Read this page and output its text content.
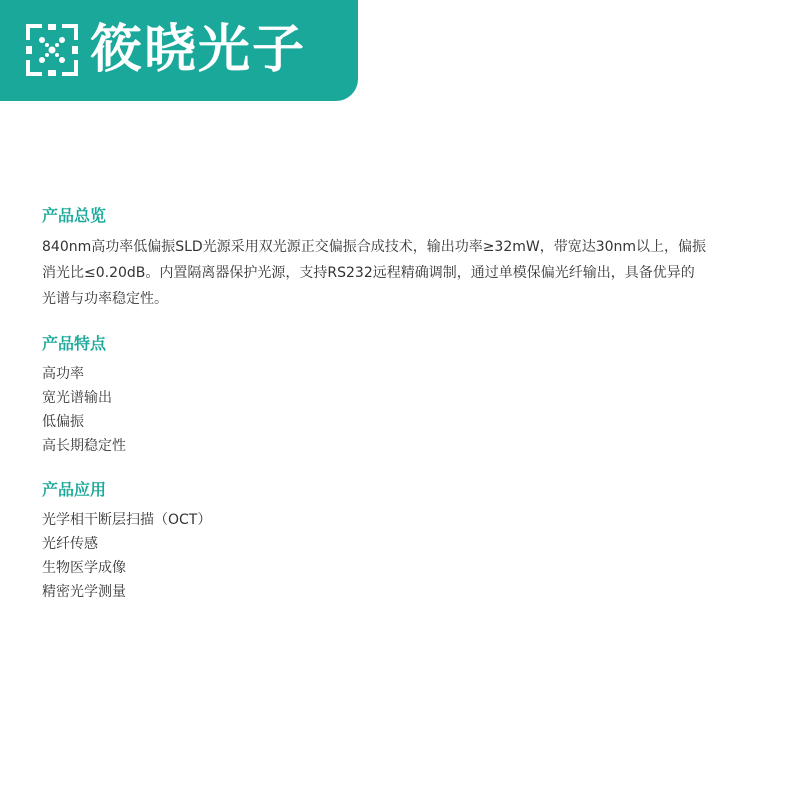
筱晓光子
产品总览

840nm高功率低偏振SLD光源采用双光源正交偏振合成技术，输出功率≥32mW，带宽达30nm以上，偏振
消光比≤0.20dB。内置隔离器保护光源，支持RS232远程精确调制，通过单模保偏光纤输出，具备优异的
光谱与功率稳定性。

产品特点
高功率
宽光谱输出
低偏振
高长期稳定性
产品应用
光学相干断层扫描（OCT）
光纤传感
生物医学成像
精密光学测量
